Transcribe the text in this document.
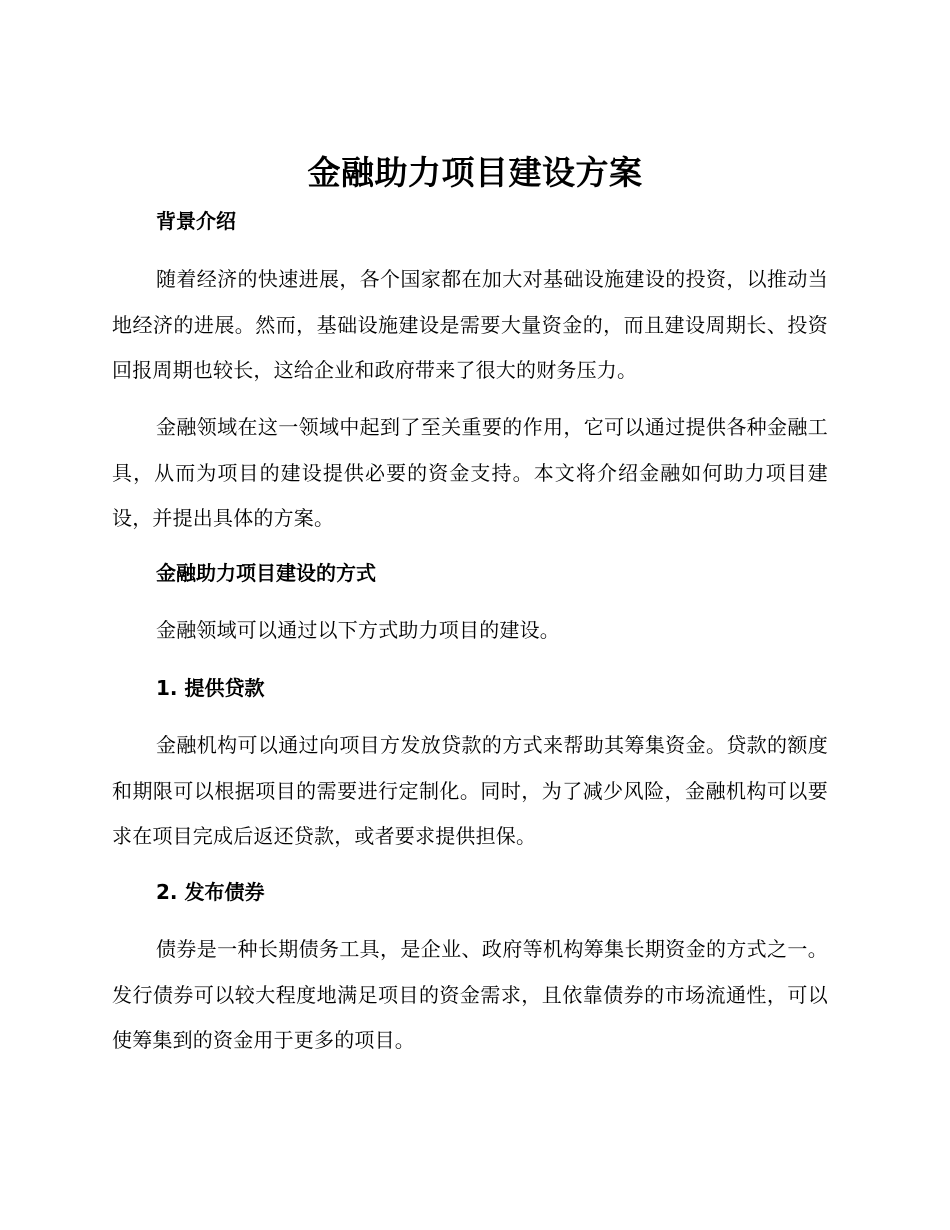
金融助力项目建设方案
背景介绍
随着经济的快速进展，各个国家都在加大对基础设施建设的投资，以推动当地经济的进展。然而，基础设施建设是需要大量资金的，而且建设周期长、投资回报周期也较长，这给企业和政府带来了很大的财务压力。
金融领域在这一领域中起到了至关重要的作用，它可以通过提供各种金融工具，从而为项目的建设提供必要的资金支持。本文将介绍金融如何助力项目建设，并提出具体的方案。
金融助力项目建设的方式
金融领域可以通过以下方式助力项目的建设。
1. 提供贷款
金融机构可以通过向项目方发放贷款的方式来帮助其筹集资金。贷款的额度和期限可以根据项目的需要进行定制化。同时，为了减少风险，金融机构可以要求在项目完成后返还贷款，或者要求提供担保。
2. 发布债券
债券是一种长期债务工具，是企业、政府等机构筹集长期资金的方式之一。发行债券可以较大程度地满足项目的资金需求，且依靠债券的市场流通性，可以使筹集到的资金用于更多的项目。
